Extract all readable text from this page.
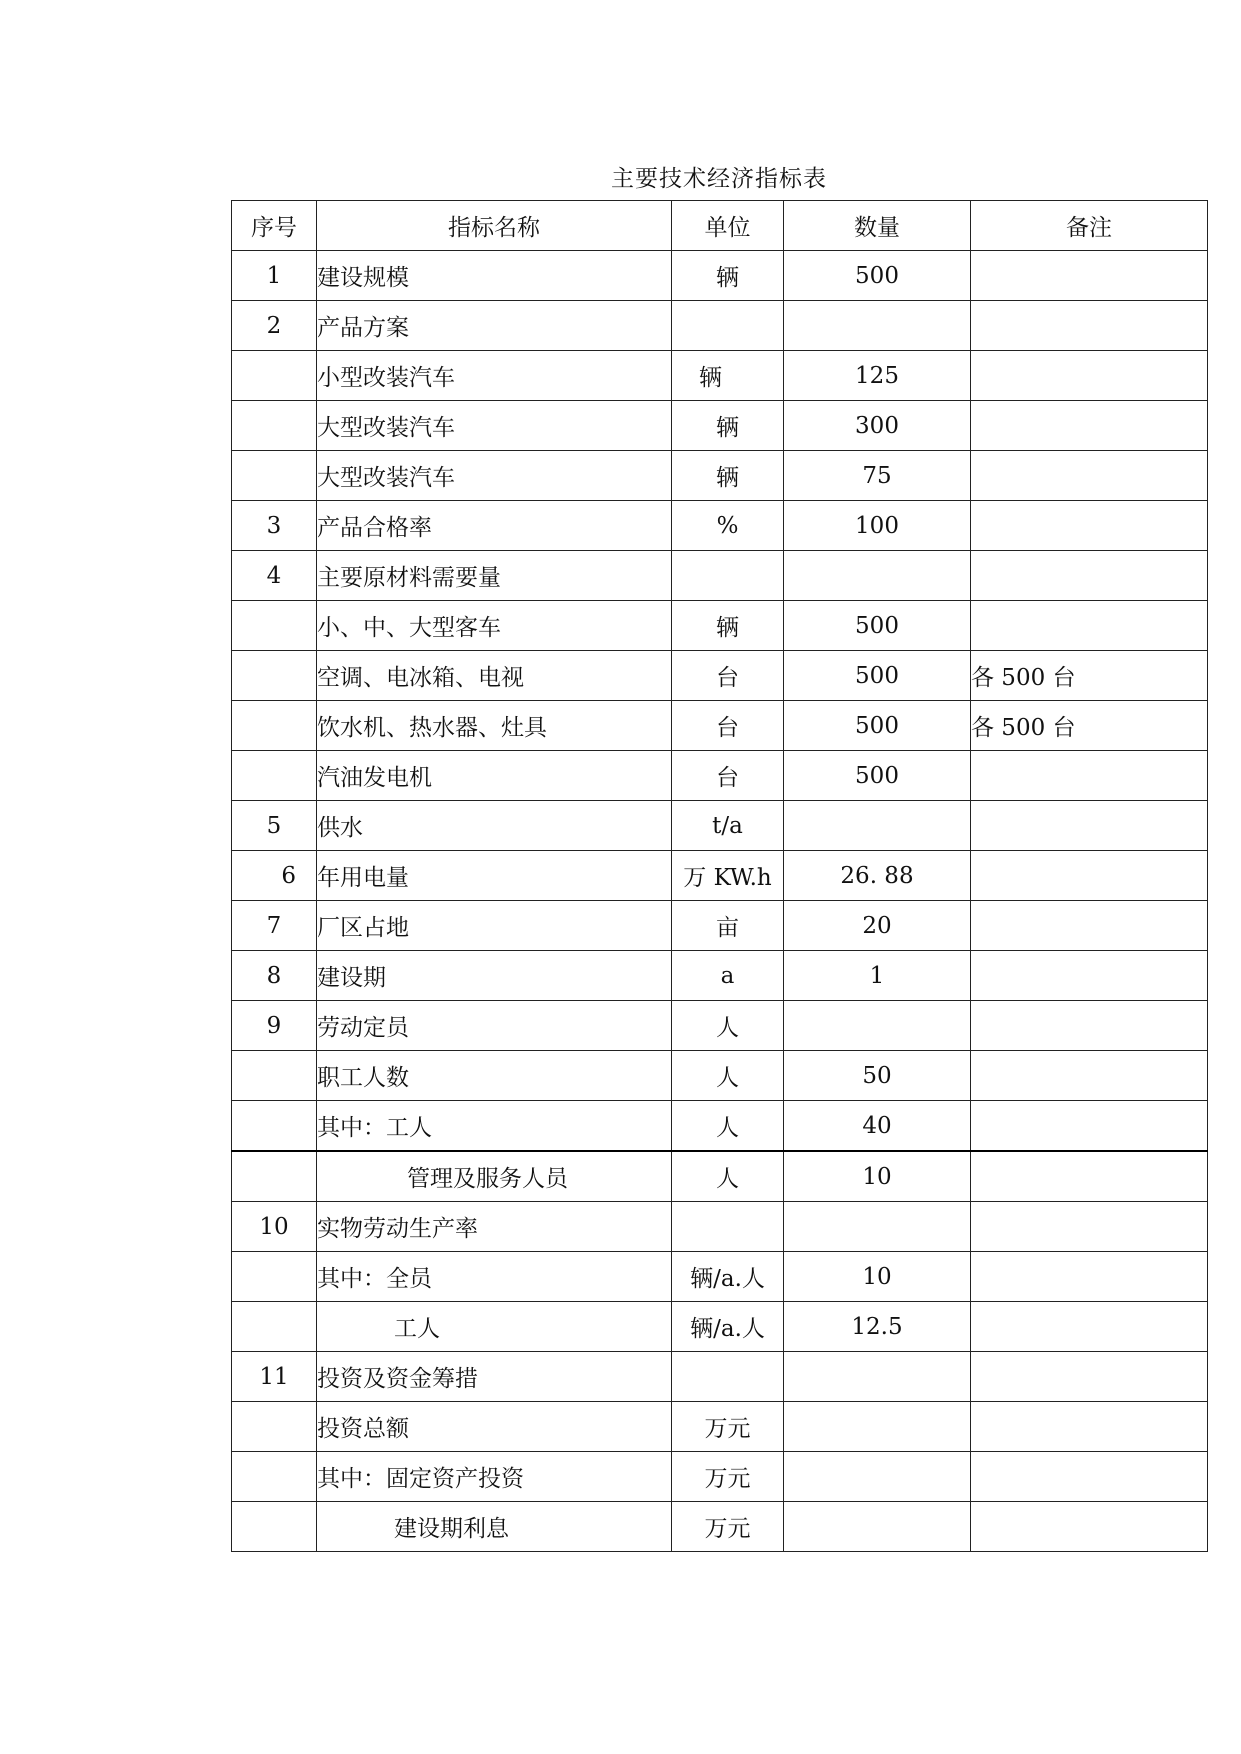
主要技术经济指标表
序号	指标名称	单位	数量	备注
1	建设规模	辆	500	
2	产品方案			
	小型改装汽车	辆	125	
	大型改装汽车	辆	300	
	大型改装汽车	辆	75	
3	产品合格率	%	100	
4	主要原材料需要量			
	小、中、大型客车	辆	500	
	空调、电冰箱、电视	台	500	各 500 台
	饮水机、热水器、灶具	台	500	各 500 台
	汽油发电机	台	500	
5	供水	t/a		
6	年用电量	万 KW.h	26. 88	
7	厂区占地	亩	20	
8	建设期	a	1	
9	劳动定员	人		
	职工人数	人	50	
	其中：工人	人	40	
	管理及服务人员	人	10	
10	实物劳动生产率			
	其中：全员	辆/a.人	10	
	工人	辆/a.人	12.5	
11	投资及资金筹措			
	投资总额	万元		
	其中：固定资产投资	万元		
	建设期利息	万元		
